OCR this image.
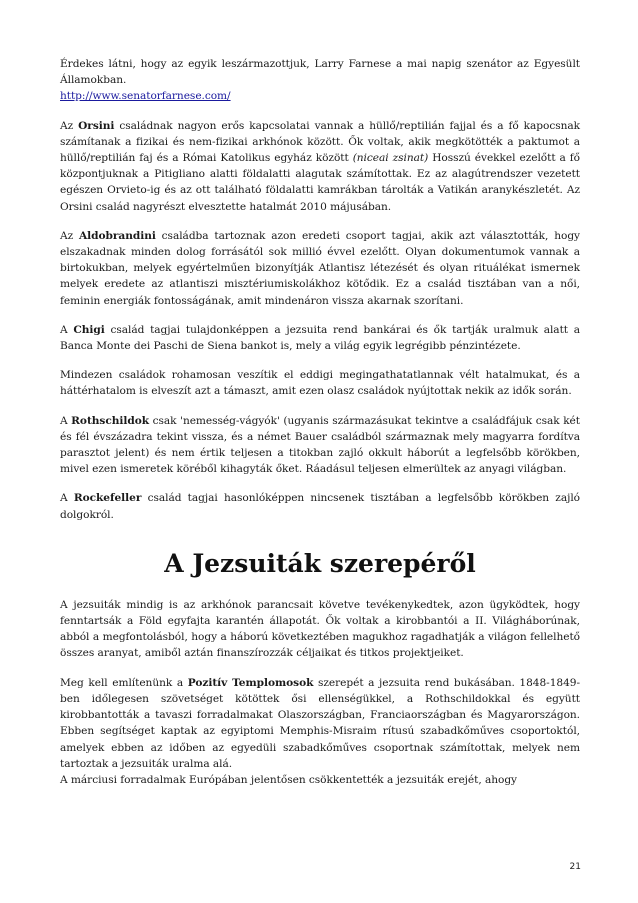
Érdekes látni, hogy az egyik leszármazottjuk, Larry Farnese a mai napig szenátor az Egyesült Államokban.
http://www.senatorfarnese.com/

Az Orsini családnak nagyon erős kapcsolatai vannak a hüllő/reptilián fajjal és a fő kapocsnak számítanak a fizikai és nem-fizikai arkhónok között. Ők voltak, akik megkötötték a paktumot a hüllő/reptilián faj és a Római Katolikus egyház között (niceai zsinat) Hosszú évekkel ezelőtt a fő központjuknak a Pitigliano alatti földalatti alagutak számítottak. Ez az alagútrendszer vezetett egészen Orvieto-ig és az ott található földalatti kamrákban tárolták a Vatikán aranykészletét. Az Orsini család nagyrészt elvesztette hatalmát 2010 májusában.

Az Aldobrandini családba tartoznak azon eredeti csoport tagjai, akik azt választották, hogy elszakadnak minden dolog forrásától sok millió évvel ezelőtt. Olyan dokumentumok vannak a birtokukban, melyek egyértelműen bizonyítják Atlantisz létezését és olyan rituálékat ismernek melyek eredete az atlantiszi misztériumiskolákhoz kötődik. Ez a család tisztában van a női, feminin energiák fontosságának, amit mindenáron vissza akarnak szorítani.

A Chigi család tagjai tulajdonképpen a jezsuita rend bankárai és ők tartják uralmuk alatt a Banca Monte dei Paschi de Siena bankot is, mely a világ egyik legrégibb pénzintézete.

Mindezen családok rohamosan veszítik el eddigi megingathatatlannak vélt hatalmukat, és a háttérhatalom is elveszít azt a támaszt, amit ezen olasz családok nyújtottak nekik az idők során.

A Rothschildok csak 'nemesség-vágyók' (ugyanis származásukat tekintve a családfájuk csak két és fél évszázadra tekint vissza, és a német Bauer családból származnak mely magyarra fordítva parasztot jelent) és nem értik teljesen a titokban zajló okkult háborút a legfelsőbb körökben, mivel ezen ismeretek köréből kihagyták őket. Ráadásul teljesen elmerültek az anyagi világban.

A Rockefeller család tagjai hasonlóképpen nincsenek tisztában a legfelsőbb körökben zajló dolgokról.

A Jezsuiták szerepéről

A jezsuiták mindig is az arkhónok parancsait követve tevékenykedtek, azon ügyködtek, hogy fenntartsák a Föld egyfajta karantén állapotát. Ők voltak a kirobbantói a II. Világháborúnak, abból a megfontolásból, hogy a háború következtében magukhoz ragadhatják a világon fellelhető összes aranyat, amiből aztán finanszírozzák céljaikat és titkos projektjeiket.

Meg kell említenünk a Pozitív Templomosok szerepét a jezsuita rend bukásában. 1848-1849-ben időlegesen szövetséget kötöttek ősi ellenségükkel, a Rothschildokkal és együtt kirobbantották a tavaszi forradalmakat Olaszországban, Franciaországban és Magyarországon. Ebben segítséget kaptak az egyiptomi Memphis-Misraim rítusú szabadkőműves csoportoktól, amelyek ebben az időben az egyedüli szabadkőműves csoportnak számítottak, melyek nem tartoztak a jezsuiták uralma alá.

A márciusi forradalmak Európában jelentősen csökkentették a jezsuiták erejét, ahogy

21
